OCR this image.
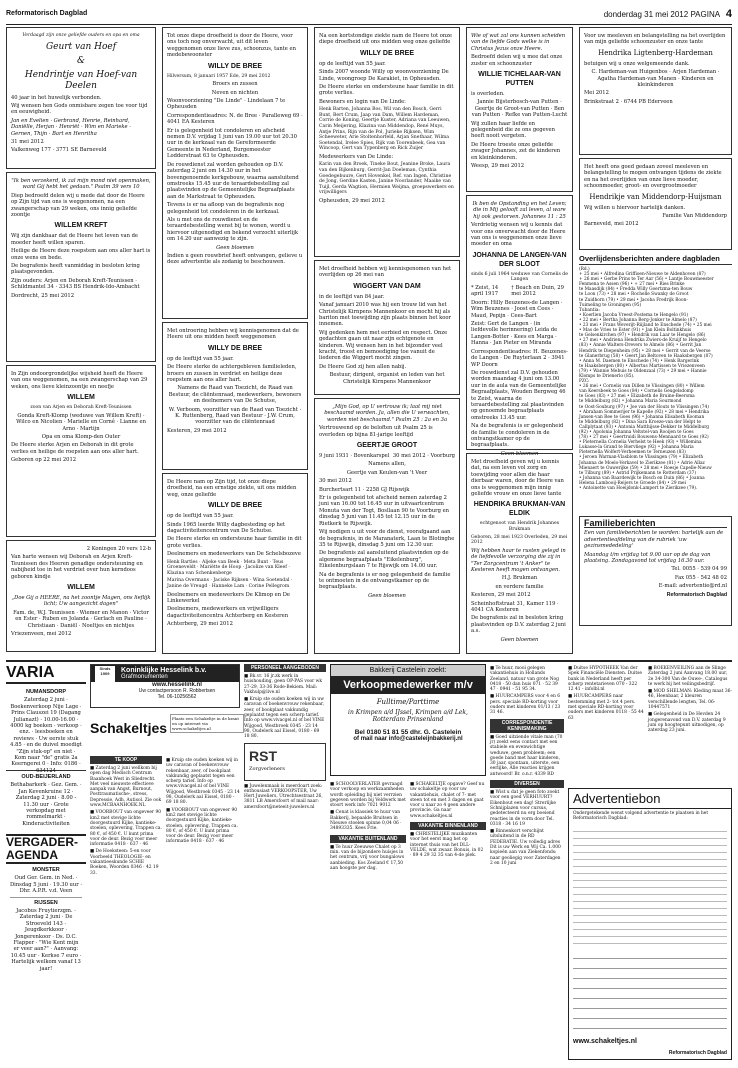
Reformatorisch Dagblad	donderdag 31 mei 2012 PAGINA 4
Verdaagd zijn onze geliefde ouders en opa en oma
Geurt van Hoef
&
Hendrintje van Hoef-van Deelen
40 jaar in het huwelijk verbonden.
Wij wensen hen Gods onmisbare zegen toe voor tijd en eeuwigheid.
Jan en Evelien · Gerbrand, Henrie, Reinhard, Daniëlle, Herjan · Henriët · Wim en Marieke · Gernen, Thijn · Bart en Henritha
31 mei 2012
Valkenweg 177 · 3771 SE Barneveld
"Ik ben verzekerd, ik zal mijn mond niet openmaken, want Gij hebt het gedaan." Psalm 39 vers 10
Diep bedroefd delen wij u mede dat door de Heere op Zijn tijd van ons is weggenomen, na een zwangerschap van 29 weken, ons innig geliefde zoontje
WILLEM KREFT
Wij zijn dankbaar dat de Heere het leven van de moeder heeft willen sparen.
Heilige de Heere deze roepstem aan ons aller hart is onze wens en bede.
De begrafenis heeft vanmiddag in besloten kring plaatsgevonden.
Zijn ouders: Arjen en Deborah Kreft-Teunissen · Schildmantel 34 · 3343 BS Hendrik-Ido-Ambacht
Dordrecht, 25 mei 2012
In Zijn ondoorgrondelijke wijsheid heeft de Heere van ons weggenomen, na een zwangerschap van 29 weken, ons lieve kleinzoontje en neefje
WILLEM
zoon van Arjen en Deborah Kreft-Teunissen
Gonda Kreft-Klomp (weduwe van Willem Kreft) · Wilco en Nicolien · Marielle en Cornê · Lianne en Arno · Martijn
Opa en oma Klomp-den Outer
De Heere sterke Arjen en Deborah in dit grote verlies en heilige de roepsten aan ons aller hart.
Geboren op 22 mei 2012
2 Koningen 20 vers 12-b
Van harte wensen wij Deborah en Arjen Kreft-Teunissen des Heeren genadige ondersteuning en nabijheid toe in het verdriet over hun kerndoos geboren kindje
WILLEM
„Doe Gij o HEERE, na het zoontje Magen, ons lieflijk licht; Uw aangezicht dagen"
Fam. de, W.J. Teunissen · Wiemer en Manon · Victor en Ester · Ruben en Jolanda · Gerlach en Pauline · Christiaan · Daniël · Noeltjes en nichtjes
Vriezenveen, mei 2012
Tot onze diepe droefheid is door de Heere, voor ons toch nog onverwacht, uit dit leven weggenomen onze lieve zus, schoonzus, tante en medebewoonster
WILLY DE BREE
Hilversum, 8 januari 1957 Ede, 29 mei 2012
Broers en zussen
Neven en nichten
Woonvoorziening "De Linde" · Lindelaan 7 te Opheusden
Correspondentieadres: N. de Bree · Paralleweg 69 · 4041 EA Kesteren
Er is gelegenheid tot condoleren en afscheid nemen D.V. vrijdag 1 juni van 19.00 uur tot 20.30 uur in de kerkzaal van de Gereformeerde Gemeente in Nederland, Burgemeester Lodderstraat 63 te Opheusden.
De rouwdienst zal worden gehouden op D.V. zaterdag 2 juni om 14.30 uur in het bovengenoemde kerkgebouw, waarna aansluitend omstreeks 15.45 uur de teraardebestelling zal plaatsvinden op de Gemeentelijke Begraafplaats aan de Markstraat te Opheusden.
Tevens is er na afloop van de begrafenis nog gelegenheid tot condoleren in de kerkzaal.
Als u met ons de rouwdienst en de teraardebestelling wenst bij te wonen, wordt u hiervoor uitgenodigd en bekend verzocht uiterlijk om 14.20 uur aanwezig te zijn.
Geen bloemen
Indien u geen rouwbrief heeft ontvangen, gelieve u deze advertentie als zodanig te beschouwen.
Met ontroering hebben wij kennisgenomen dat de Heere uit ons midden heeft weggenomen
WILLY DE BREE
op de leeftijd van 55 jaar.
De Heere sterke de achtergebleven familieleden, broers en zussen in verdriet en heilige deze roepstem aan ons aller hart.
Namens de Raad van Toezicht, de Raad van Bestuur, de cliëntenraad, medewerkers, bewoners en deelnemers van De Schutse,
W. Verboom, voorzitter van de Raad van Toezicht · K. Ruttenberg, Raad van Bestuur · J.W. Crum, voorzitter van de cliëntenraad
Kesteren, 29 mei 2012
De Heere nam op Zijn tijd, tot onze diepe droefheid, na een ernstige ziekte, uit ons midden weg, onze geliefde
WILLY DE BREE
op de leeftijd van 55 jaar.
Sinds 1965 leerde Willy dagbesteding op het dagactiviteitencentrum van De Schutse.
De Heere sterke en ondersteune haar familie in dit grote verlies.
Deelnemers en medewerkers van De Schelsbozeve
Henk Bartles · Aljeke van Beek · Meta Bunt · Teus Groeneveldt · Mariëtte de Hoop · Jacolize van Kleef · Klazina van Schenkenberge
Marina Overmans · Jaciske Rijksen · Wina Soetendal · Janine de Vreugd · Hanneke Lam · Corine Pellegrom
Deelnemers en medewerkers De Klimop en De Linkewerkel
Deelnemers, medewerkers en vrijwilligers dagactiviteitencentra Achterberg en Kesteren
Achterberg, 29 mei 2012
Na een kortstondige ziekte nam de Heere tot onze diepe droefheid uit ons midden weg onze geliefde
WILLY DE BREE
op de leeftijd van 55 jaar.
Sinds 2007 woonde Willy op woonvoorziening De Linde, woongroep De Karakiet, in Opheusden.
De Heere sterke en ondersteune haar familie in dit grote verlies.
Bewoners en login van De Linde:
Henk Barten, Johanna Bos, Wil van den Bosch, Gerri Bunt, Bert Crum, Jaap van Dam, Willem Hardeman, Corrie de Koning, Geertje Kuster, Adriana van Leeuwen, Carin Meijering, Klazina van Middendop, René Muys, Antje Prins, Rijn van de Pol, Jurieke Rijksen, Wim Scheeweter, Arie Stoltenhorfeld, Arjan Snethaar, Wilma Soetendal, Irelee Spies, Rijk van Toorenbeek, Gea van Wincoop, Gert van Typenberg en Rick Zuijer
Medewerkers van De Linde:
Karin van den Broek, Tineke Bout, Jeanine Broke, Laura van den Bijkenburg, Gerrit-Jan Doeleman, Cynthia Goedegebuure, Gert Hovenkel, Ref. van Ingen, Christine de Jong, Gerdine Kasten, Janine Noorlander, Maaike van Tuijl, Gerda Wagtion, Hermien Weijma, groepswerkers en vrijwilligers
Opheusden, 29 mei 2012
Met droefheid hebben wij kennisgenomen van het overlijden op 26 mei van
WIGGERT VAN DAM
in de leeftijd van 84 jaar.
Vanaf januari 2010 was hij een trouw lid van het Christelijk Kirnpens Mannenkoor en mocht hij als bariton met toewijding zijn plaats binnen het koor innemen.
Wij gedenken hem met eerbied en respect. Onze gedachten gaan uit naar zijn echtgenote en kinderen. Wij wensen hen in het bijzonder veel kracht, troost en bemoediging toe vanuit de liederen die Wiggert mocht zingen.
De Heere God zij hen allen nabij.
Bestuur, dirigent, organist en leden van het Christelijk Kirnpens Mannenkoor
„Mijn God, op U vertrouw ik; laat mij niet beschaamd worden. Ja, allen die U verwachten, worden niet beschaamd." Psalm 25 : 2a en 3a
Vertrouwend op de beloften uit Psalm 25 is overleden op bijna 81-jarige leeftijd
GEERTJE GROOT
9 juni 1931 · Bovenkarspel 30 mei 2012 · Voorburg
Namens allen,
Geertje van Keulen-van 't Veer
30 mei 2012
Burchertsart 11 · 2258 GJ Rijswijk
Er is gelegenheid tot afscheid nemen zaterdag 2 juni van 16.00 tot 16.45 uur in uitvaartcentrum Monuta van der Togt, Bosllaan 90 te Voorburg en dinsdag 5 juni van 11.45 tot 12.15 uur in de Rietkerk te Rijswijk.
Wij nodigen u uit voor de dienst, voorafgaand aan de begrafenis, in de Maranaterk, Laan te Blotinghe 35 te Rijswijk, dinsdag 5 juni om 12.30 uur.
De begrafenis zal aansluitend plaatsvinden op de algemene begraafplaats "Eikelenburg", Eikelenburgslaan 7 te Rijswijk om 14.00 uur.
Na de begrafenis is er nog gelegenheid de familie te ontmoeten in de ontvangstkamer op de begraafplaats.
Geen bloemen
Wie of wat zal ons kunnen scheiden van de liefde Gods welke is in Christus Jezus onze Heere.
Bedroefd delen wij u mee dat onze zuster en schoonzuster
WILLIE TICHELAAR-VAN PUTTEN
is overleden.
Jannie Bijsterbosch-van Putten · Geertje de Groot-van Putten · Ben van Putten · Refke van Putten-Lucht
Wij zullen haar liefde en gelegenheid die ze ons gegeven heeft nooit vergeten.
De Heere troeste onze geliefde zwager Johannes, zet de kinderen en kleinkinderen.
Weesp, 29 mei 2012
Ik ben de Opstanding en het Leven; die in Mij gelooft zal leven, al ware hij ook gestorven. Johannes 11 : 25
Verdrietig wensen wij u kennis dat voor ons onverwacht door de Heere van ons is weggenomen onze lieve moeder en oma
JOHANNA DE LANGEN-VAN DER SLOOT
sinds 6 juli 1964 weduwe van Cornelis de Langen
* Zeist, 14 april 1917
† Beach en Duin, 29 mei 2012
Doorn: Hilly Beuzenes-de Langen · Wim Beuzenes · Joost en Cees · Maud, Pepijn · Cees-Bart
Zeist: Gert de Langen · (in liefdevolle herinnering) Leida de Langen-Botter · Kees en Marga · Hanna · Jan Pieter en Miranda
Correspondentieadres: H. Beuzenes-de Langen · De Ruyterlaan 2 · 3941 WP Doorn
De rouwdienst zal D.V. gehouden worden maandag 4 juni om 13.00 uur in de aula van de Gemeentelijke Begraafplaats, Wouden Bergweg 46 te Zeist, waarna de teraardebestelling zal plaatsvinden op genoemde begraafplaats omstreeks 13.45 uur.
Na de begrafenis is er gelegenheid de familie te condoleren in de ontvangstkamer op de begraafplaats.
Geen bloemen
Met droefheid geven wij u kennis dat, na een leven vol zorg en toewijding voor allen die haar dierbaar waren, door de Heere van ons is weggenomen mijn innig geliefde vrouw en onze lieve tante
HENDRIKA BRUKMAN-VAN ELDIK
echtgenoot van Hendrik Johannes Brukman
Geboren, 28 mei 1923 Overleden, 29 mei 2012
Wij hebben haar te rusten gelegd in de liefdevolle verzorging die zij in "Ter Zorgcentrum 't Anker" te Kesteren heeft mogen ontvangen.
H.J. Brukman
en verdere familie
Kesteren, 29 mei 2012
Scheinhoftstraat 31, Kamer 119 · 4041 CA Kesteren
De begrafenis zal in besloten kring plaatsvinden op D.V. zaterdag 2 juni a.s.
Geen bloemen
Voor uw meeleven en belangstelling na het overlijden van mijn geliefde schoonzuster en onze tante
Hendrika Ligtenberg-Hardeman
betuigen wij u onze welgemeende dank.
C. Hardeman-van Huigenbos · Arjen Hardeman · Agatha Hardeman-van Manen · Kinderen en kleinkinderen
Mei 2012
Brinkstraat 2 · 6744 PB Ederveen
Het heeft ons goed gedaan zoveel meeleven en belangstelling te mogen ontvangen tijdens de ziekte en na het overlijden van onze lieve moeder, schoonmoeder, groot- en overgrootmoeder
Hendrikje van Middendorp-Huijsman
Wij willen u hiervoor hartelijk danken.
Familie Van Middendorp
Barneveld, mei 2012
Overlijdensberichten andere dagbladen
(Rd.)
+ 25 mei • Alfredina Griffioen-Nieuwe te Aldenhoven (87)
+ 26 mei • Gerbe Prins te Ter Aar (56) • Lantje Bouwmeester
Fenmena te Assen (96) • + 27 mei • Ries Brinke
te Maasdijk (84) • Fredda Willy Goertzma-ten Bouw
te Loon (73) • 28 mei • Rochelle Swanky de Groot
te Zuidhorn (79) • 29 mei • Jacoba Fredrijk Boon-
Tuimeling te Groningen (95)
Tubantia:
• Koerlien Jacoba Vreest-Postema te Hengelo (91)
• 22 mei • Bertha Johanna Berg-Jonker te Almelo (87)
• 23 mei • Frans Weverijt-Riijland te Enschede (74) • 25 mei
• Mas de Vries te Ester (91) • Jan Klein Boltinkhuis
te Gelsenkirchen (97) • Hendrik van Laar te Hengelo (86)
• 27 mei • Andriena Hendrika Zwiers-de Kruijf te Hengelo
(83) • Annie Walters-Drevers te Almelo (86) • Gerrit Jan
Hendrik te Diepenheim (95) • 28 mei • Gerrit van de Veerse
te Glanerbrug (58) • Geert Jan Beltoven te Haaksbergen (87)
• Anna M. Daemen te Enschede (74) • Henk Bargerink
te Haaksbergen (80) • Albertus Martissen te Vriezenveen
(79) • Wannie Mebuis te Oldenzaal (73) • 29 mei • Hannie
Klomps te Drienerlo (85).
PZC:
• 26 mei • Cornelis van Dillen te Vlissingen (80) • Willem
van Keersbeek te Goes (84) • Cornelis Geugelsdomp
te Goes (83) • 27 mei • Elizabeth de Bruine-Beersma
te Middelburg (82) • Johanna Maria Sourmond
te Oost-Souburg (97) • Joe van der Houts te Vlissingen (74)
• Abraham Sommerijer te Kapelle (92) • 28 mei • Hendrika
Jansen-van Ree te Goes (96) • Johanna Elisabeth Kooman
te Middelburg (82) • Dina Sara Kroeze-van der Helpt te
Callplytaat (93) • Antonia Matthijsse-Dekker te Middelburg
(92) • Apolonia Johanna Veltstel-van Rooijen te Goes
(78) • 27 mei • Geertruidi Bouwens-Mennaard te Goes (92)
• Pieternella Cornelia Verhelst te Heek (93) • Willemina
Lukasse-la Grand te Biervliege (92) • Johanna Maria
Pieternella Wolfert-Verheemen te Terneuzen (83)
• Jeroen Warman-Vlasblom te Vlissingen (79) • Elizabeth
Johanna de Moelo-Verkavel te Zierikzee (81) • Adrie Allaz
Mienaert te Ouwerijke (59) • 28 mei • Roesje Capelle-Nieuw
te Tilburg (89) • Astrid Prijkemann te Rotterdam (37)
• Johanna van Baardewijk te Bosch en Duin (86) • Joanna
Helena Lambooij-Reijers te Groede (84) • 29 mei
• Antoinette van Hoeijdonk-Lampert te Zierikzee (79).
Familieberichten
Een van familieberichten te worden: hartelijk aan de advertentieafdeling van de rubriek 'uw gezinsmededeling'
Maandag t/m vrijdag tot 9.00 uur op de dag van plaatsing. Zondagavond tot vrijdag 16.30 uur.
Tel. 0055 · 539 04 99
Fax 055 · 542 48 02
E-mail: advertentie@rd.nl
Reformatorisch Dagblad
VARIA
NUMANSDORP
Zaterdag 2 juni · Boekenverkoop Nije Lage · Prins Clauszei 19 (Dagang Julianazt) · 10.00-16.00 · 4000 kg boeken · verkoop · enz. · leesboeken en reviews · Uw eerste stuk 4.85 · en de duivel moedigt "Zijn stuk-op" en niet · Kom naar "de" gratis 2a Keerngerei 0 · Info: 0186 · 634124
OUD-BEIJERLAND
Bethabarkerk · Gez. Gem. · Jan Kevenkruine 12 · Zaterdag 2 juni · 8.00 - 11.30 uur · Grote verkopdag met rommelmarkt · Kinderactiviteiten
VERGADER-AGENDA
MONSTER
Oud Ger. Gem. in Ned. · Dinsdag 5 juni · 19.30 uur · Dhr. A.P.R. v.d. Veen
RIJSSEN
Jacobus Fruytierzgm. · Zaterdag 2 juni · De Stroeveld 143 · Jeugdkerkkoor · Jongerenkoor · Ds. D.C. Flapper · "Wie Kent mijn er veer aan?" · Aanvang: 10.45 uur · Kerkse 7 euro · Hartelijk welkom vanaf 13 jaar!
Sinds 1909	Koninklijke Hesselink b.v.
Grafmonumenten
www.hesselink.nl
Uw contactpersoon R. Robbertsen
Tel. 06-10256562
Schakeltjes
Plaats een Schakeltje in de krant en op internet via www.schakeltjes.nl
TE KOOP
■ Zaterdag 2 juni wellkom bij open dag Medisch Centrum Baanhoek West in Sliedrecht. Met veel nieuwste effectieve aanpak van Angst, Burnout, Posttraumatische-, stress, Depressie, Adh, Autisol. Zie ook www.MCBAANHOEK.NL
■ VOORBOUT van ongeveer 90 km2 met stevige lichte doorgestuurd Kijke, kantieke-stoelen, oplevering, Trappen ca. 80 €, of 450 €. U kunt prima voor de deur. Bezig voor meer informatie 0418 · 637 · 46
■ De Hoeksteen: 5-en voor Voorbeeld THEOLOGIE- en vakantieeskunde SCHIE Boeken, Woorden 0346 · 42 19 33.
■ Kruip ste ouden koeken wij in uw caravan of boekenvrouw rekenbaar, zeer, of bookplaat vakkundig geplaatst tegen een scherp tarief. Info op www.vivacgel.nl of bel VINE Wijgood, Westbroek 0345 · 23 14 98, Oudelerk aal Eissel, 0180 - 69 18 80.
■ VOORBOUT van ongeveer 90 km2 met stevige lichte doorgestuurd Kijke, kantieke-stoelen, oplevering, Trappen ca. 80 €, of 450 €. U kunt prima voor de deur. Bezig voor meer informatie 0418 · 637 · 46
PERSONEEL AANGEBODEN
■ Bk.vr. 16 jr.zk werk in huishouding, geen OP-PAS voor wk 27-29, 33-36 Rode-Bekiem. Mail: Vakhulp@live.nl
■ Kruip ste ouden koeken wij in uw caravan of boekenvrouw rekenbaar, zeer, of bookplaat vakkundig geplaatst tegen een scherp tarief. Info op www.vivacgel.nl of bel VINE Wijgood, Westbroek 0345 · 23 14 98, Oudelerk aal Eissel, 0180 - 69 18 80.
RST
Zorgverleners
■ Juwelenmaak is meerdoart zoek: enthousiast VERKOOPSTER, Uw Hert Juweliers, Utrechtsestraat 26, 3811 LB Amersfoort of mail naar: amersfoort@neteeit-juwelers.nl
Bakkerij Castelein zoekt:
Verkoopmedewerker m/v
Fulltime/Parttime
in Krimpen a/d IJssel, Krimpen a/d Lek, Rotterdam Prinsenland
Bel 0180 51 81 55 dhr. G. Castelein
of mail naar info@casteleijnbakkerij.nl
■ SCHOOLVERLATER gevraagd voor verkoop en werkzaamheden wordt opleiding bij niet verrzien gegeven worden bij Veldwerk met stoort werk info 7021 9012
■ Cenat is klassiek te huur van Bakkerij, bepaalde Bruitsen in Nieuwe stoelen spinne 0,04 06 · 34893335. Kees Frie.
VAKANTIE BUITENLAND
■ Te huur Zeeuwse Chalet op 3 min. van de bijzondere huisjes in het centrum, vrij voor bungalows aanbieding. Kos Zeeland € 17,50 aan hoogste per dag.
■ SCHAKELTJE opgave? Geef nu uw schakeltje op voor uw vakantiehuis, chalet of 7- met steen tot en met 3 dagen en gaat voor u naar zo 4 geen andere provincie. Ga naar www.schakeltjes.nl
VAKANTIE BINNENLAND
■ CHRISTELIJKE muzikanten voor het eerst mag het op internet thuis van het DLL-VELDE, wat zwaar. Bonuis, in 02 · 89 4 29 32 35 van 4-de plek.
■ Te huur, mooi gelegen vakantiehuis in Hollands Zeeland, natuur van grote Nog 0418 · 50 dan huis 071 · 52 39 47 · 0941 - 51 95 34.
■ HUURCAMPERS voor 4 en 6 pers. speciale RD-korting voor ouders met kinderen 01/13 / 23 31 46.
CORRESPONDENTIE KENNISMAKING
■ Goed uitziende vitale man (70 jr) zoekt eens contact met een stabiele en evenwichtige weduwe, geen probleem; een goede band met haar kinderen, 30 jaar, spontaan, uiterste, een eerlijke, Alle reacties krijgen antwoord! Br. o.n.r. 4339 RD
DIVERSEN
■ Wist u dat je geen foto zoekt voor een goed VERHUURT? Eikenhout een dag! Strerlijke Schnijplazen voor cursus, gedetecteerd nu erg boeiend reacties in de vorm door Tel. 0318 · 34 16 19
■ Binnenkort verschijnt uitsluitend in de RD FEDERATIE. Uw volledig adres Dit is uw Werk en Wij Ca. 1.000 kopieën aan van Ziekenfonds: naar geoliegig voor Zaterdagen 2 en 10 juni
■ Duitse HYPOTHEEK Van der Spek Financiële Diensten. Duitse bank in Nederland heeft per scherp rentetarieven 070 - 322 12 41 - infolbl.nl
■ HUURCAMPERS naar bestemming met 2- tot 4 pers. met speciale RD-korting voor ouders met kinderen 0118 · 55 44 63
■ BOEKENVEILING aan de Slinge Zaterdag 2 juni Aanvang 18.00 uur, 2e 34-300 Van de Ouwe-, Catalogus te werk bij het veilingsbedrijf.
■ MOD SHELMAN: Kleding maat 36-46, Heenbaar, 2 kleuren verschillende lengten, Tel. 06-10447571
■ Gelegenheid in De Hevden 24 jongerenavond van D.V. zaterdag 9 juni op hoogtepunt uitnodigen, op zaterdag 23 juni.
Advertentiebon
Ondergetekende wenst volgend advertentie te plaatsen in het Reformatorisch Dagblad:
www.schakeltjes.nl
Reformatorisch Dagblad
